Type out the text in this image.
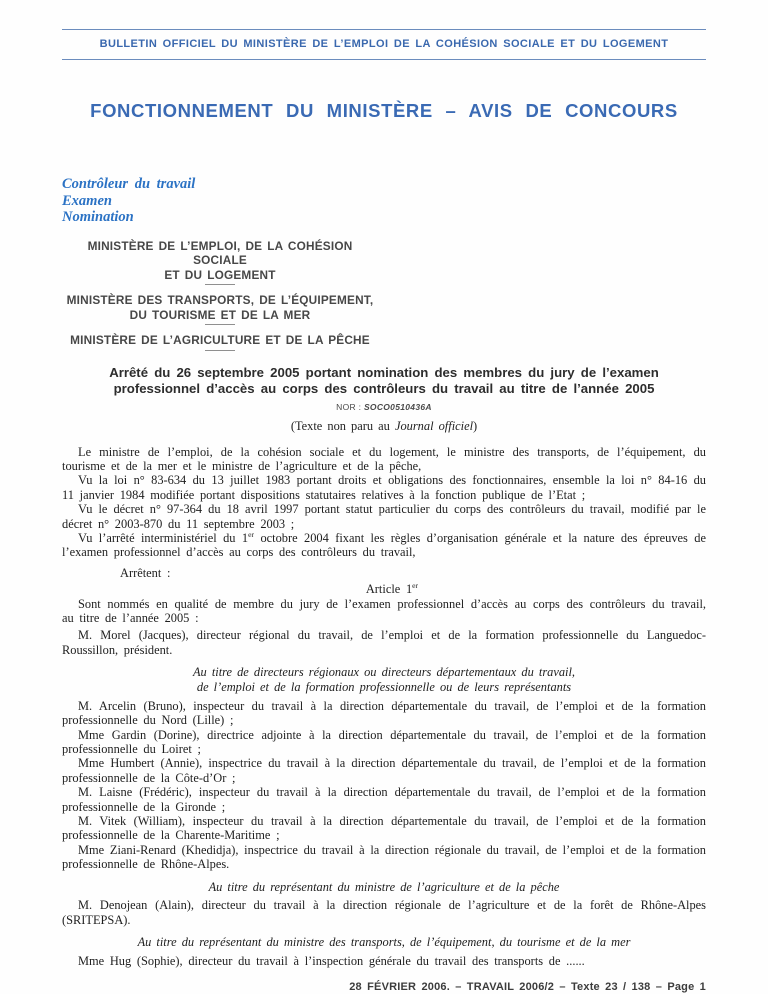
BULLETIN OFFICIEL DU MINISTÈRE DE L’EMPLOI DE LA COHÉSION SOCIALE ET DU LOGEMENT
FONCTIONNEMENT DU MINISTÈRE – AVIS DE CONCOURS
Contrôleur du travail
Examen
Nomination
MINISTÈRE DE L’EMPLOI, DE LA COHÉSION SOCIALE
ET DU LOGEMENT
MINISTÈRE DES TRANSPORTS, DE L’ÉQUIPEMENT,
DU TOURISME ET DE LA MER
MINISTÈRE DE L’AGRICULTURE ET DE LA PÊCHE
Arrêté du 26 septembre 2005 portant nomination des membres du jury de l’examen professionnel d’accès au corps des contrôleurs du travail au titre de l’année 2005
NOR : SOCO0510436A
(Texte non paru au Journal officiel)

Le ministre de l’emploi, de la cohésion sociale et du logement, le ministre des transports, de l’équipement, du tourisme et de la mer et le ministre de l’agriculture et de la pêche,

Vu la loi n° 83-634 du 13 juillet 1983 portant droits et obligations des fonctionnaires, ensemble la loi n° 84-16 du 11 janvier 1984 modifiée portant dispositions statutaires relatives à la fonction publique de l’Etat ;

Vu le décret n° 97-364 du 18 avril 1997 portant statut particulier du corps des contrôleurs du travail, modifié par le décret n° 2003-870 du 11 septembre 2003 ;

Vu l’arrêté interministériel du 1er octobre 2004 fixant les règles d’organisation générale et la nature des épreuves de l’examen professionnel d’accès au corps des contrôleurs du travail,

Arrêtent :

Article 1er

Sont nommés en qualité de membre du jury de l’examen professionnel d’accès au corps des contrôleurs du travail, au titre de l’année 2005 :

M. Morel (Jacques), directeur régional du travail, de l’emploi et de la formation professionnelle du Languedoc-Roussillon, président.

Au titre de directeurs régionaux ou directeurs départementaux du travail,
de l’emploi et de la formation professionnelle ou de leurs représentants

M. Arcelin (Bruno), inspecteur du travail à la direction départementale du travail, de l’emploi et de la formation professionnelle du Nord (Lille) ;

Mme Gardin (Dorine), directrice adjointe à la direction départementale du travail, de l’emploi et de la formation professionnelle du Loiret ;

Mme Humbert (Annie), inspectrice du travail à la direction départementale du travail, de l’emploi et de la formation professionnelle de la Côte-d’Or ;

M. Laisne (Frédéric), inspecteur du travail à la direction départementale du travail, de l’emploi et de la formation professionnelle de la Gironde ;

M. Vitek (William), inspecteur du travail à la direction départementale du travail, de l’emploi et de la formation professionnelle de la Charente-Maritime ;

Mme Ziani-Renard (Khedidja), inspectrice du travail à la direction régionale du travail, de l’emploi et de la formation professionnelle de Rhône-Alpes.

Au titre du représentant du ministre de l’agriculture et de la pêche

M. Denojean (Alain), directeur du travail à la direction régionale de l’agriculture et de la forêt de Rhône-Alpes (SRITEPSA).

Au titre du représentant du ministre des transports, de l’équipement, du tourisme et de la mer

Mme Hug (Sophie), directeur du travail à l’inspection générale du travail des transports de ......

28 FÉVRIER 2006. – TRAVAIL 2006/2 – Texte 23 / 138 – Page 1
